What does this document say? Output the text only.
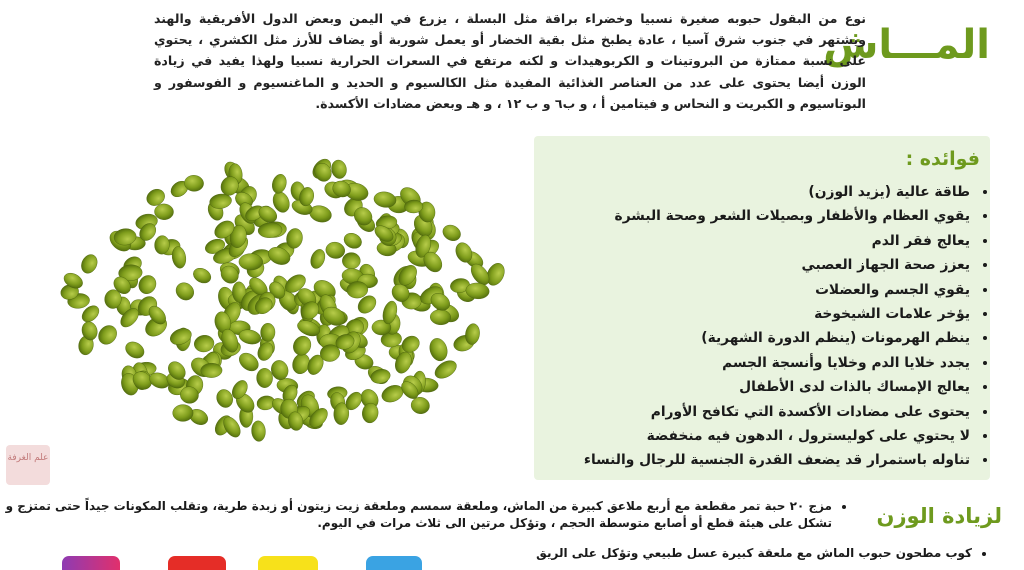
المـــاش
نوع من البقول حبوبه صغيرة نسبيا وخضراء براقة مثل البسلة ، يزرع في اليمن وبعض الدول الأفريقية والهند ويشتهر في جنوب شرق آسيا ، عادة يطبخ مثل بقية الخضار أو يعمل شوربة أو يضاف للأرز مثل الكشري ، يحتوي على نسبة ممتازة من البروتينات و الكربوهيدات و لكنه مرتفع في السعرات الحرارية نسبيا ولهذا يفيد في زيادة الوزن أيضا يحتوى على عدد من العناصر الغذائية المفيدة مثل الكالسيوم و الحديد و الماغنسيوم و الفوسفور و البوتاسيوم و الكبريت و النحاس و فيتامين أ ، و ب٦ و ب ١٢ ، و هـ وبعض مضادات الأكسدة.
فوائده :
• طاقة عالية (يزيد الوزن)
• يقوي العظام والأظفار وبصيلات الشعر وصحة البشرة
• يعالج فقر الدم
• يعزز صحة الجهاز العصبي
• يقوي الجسم والعضلات
• يؤخر علامات الشيخوخة
• ينظم الهرمونات (ينظم الدورة الشهرية)
• يجدد خلايا الدم وخلايا وأنسجة الجسم
• يعالج الإمساك بالذات لدى الأطفال
• يحتوى على مضادات الأكسدة التي تكافح الأورام
• لا يحتوي على كوليسترول ، الدهون فيه منخفضة
• تناوله باستمرار قد يضعف القدرة الجنسية للرجال والنساء
علم الغرفة
لزيادة الوزن
• مزج ٢٠ حبة تمر مقطعة مع أربع ملاعق كبيرة من الماش، وملعقة سمسم وملعقة زيت زيتون أو زبدة طرية، وتقلب المكونات جيداً حتى تمتزج و تشكل على هيئة قطع أو أصابع متوسطة الحجم ، وتؤكل مرتين الى ثلاث مرات في اليوم.
• كوب مطحون حبوب الماش مع ملعقة كبيرة عسل طبيعي وتؤكل على الريق
